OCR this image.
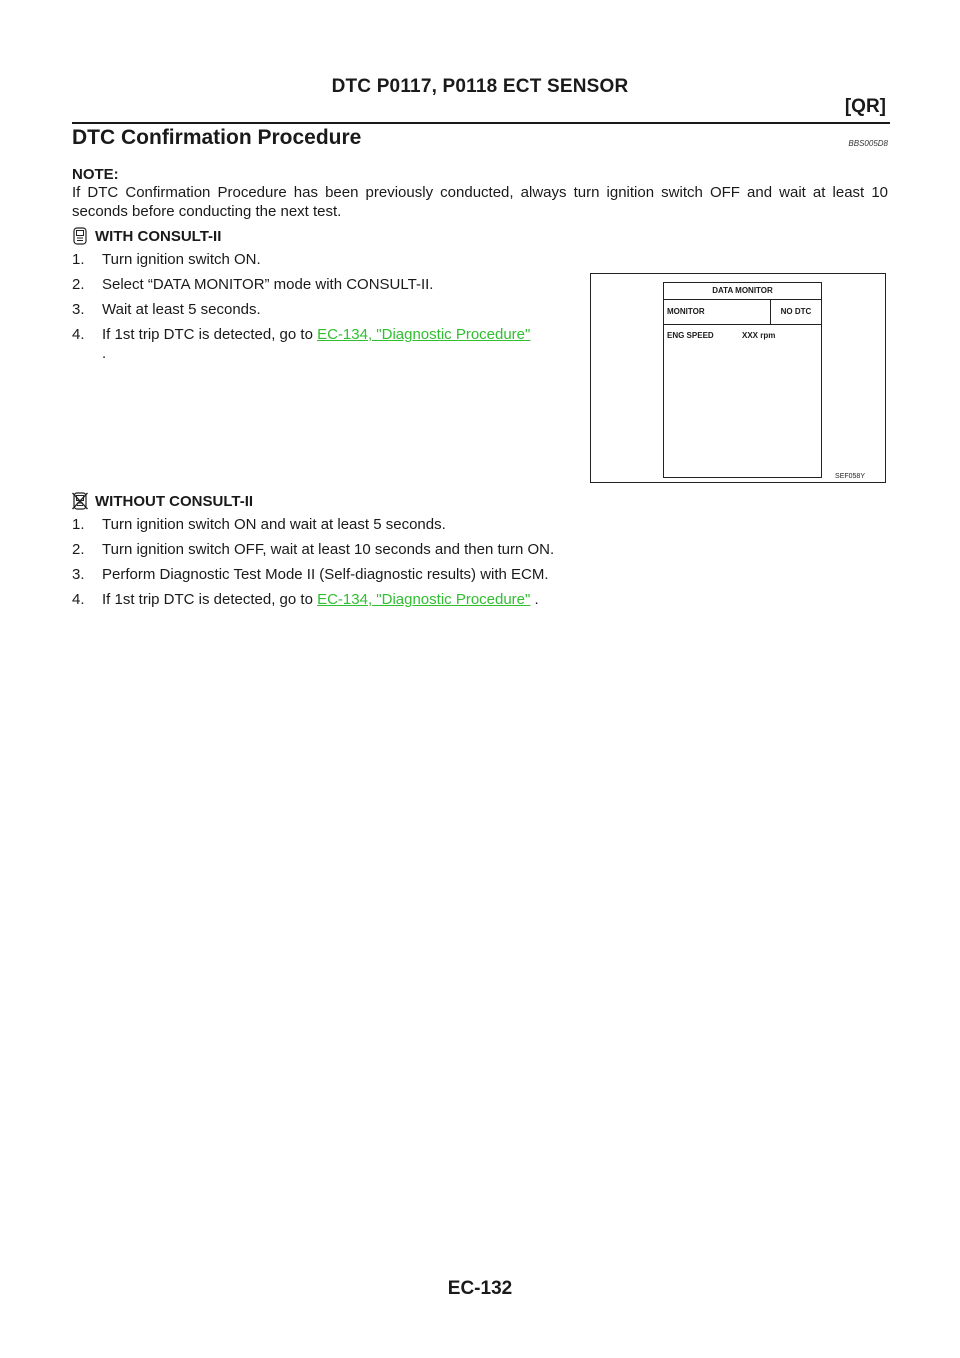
DTC P0117, P0118 ECT SENSOR
[QR]
DTC Confirmation Procedure	BBS005D8
NOTE:
If DTC Confirmation Procedure has been previously conducted, always turn ignition switch OFF and wait at least 10 seconds before conducting the next test.
WITH CONSULT-II
1. Turn ignition switch ON.
2. Select “DATA MONITOR” mode with CONSULT-II.
3. Wait at least 5 seconds.
4. If 1st trip DTC is detected, go to EC-134, "Diagnostic Procedure"
.
DATA MONITOR
MONITOR	NO DTC
ENG SPEED	XXX rpm
SEF058Y
WITHOUT CONSULT-II
1. Turn ignition switch ON and wait at least 5 seconds.
2. Turn ignition switch OFF, wait at least 10 seconds and then turn ON.
3. Perform Diagnostic Test Mode II (Self-diagnostic results) with ECM.
4. If 1st trip DTC is detected, go to EC-134, "Diagnostic Procedure" .
EC-132
